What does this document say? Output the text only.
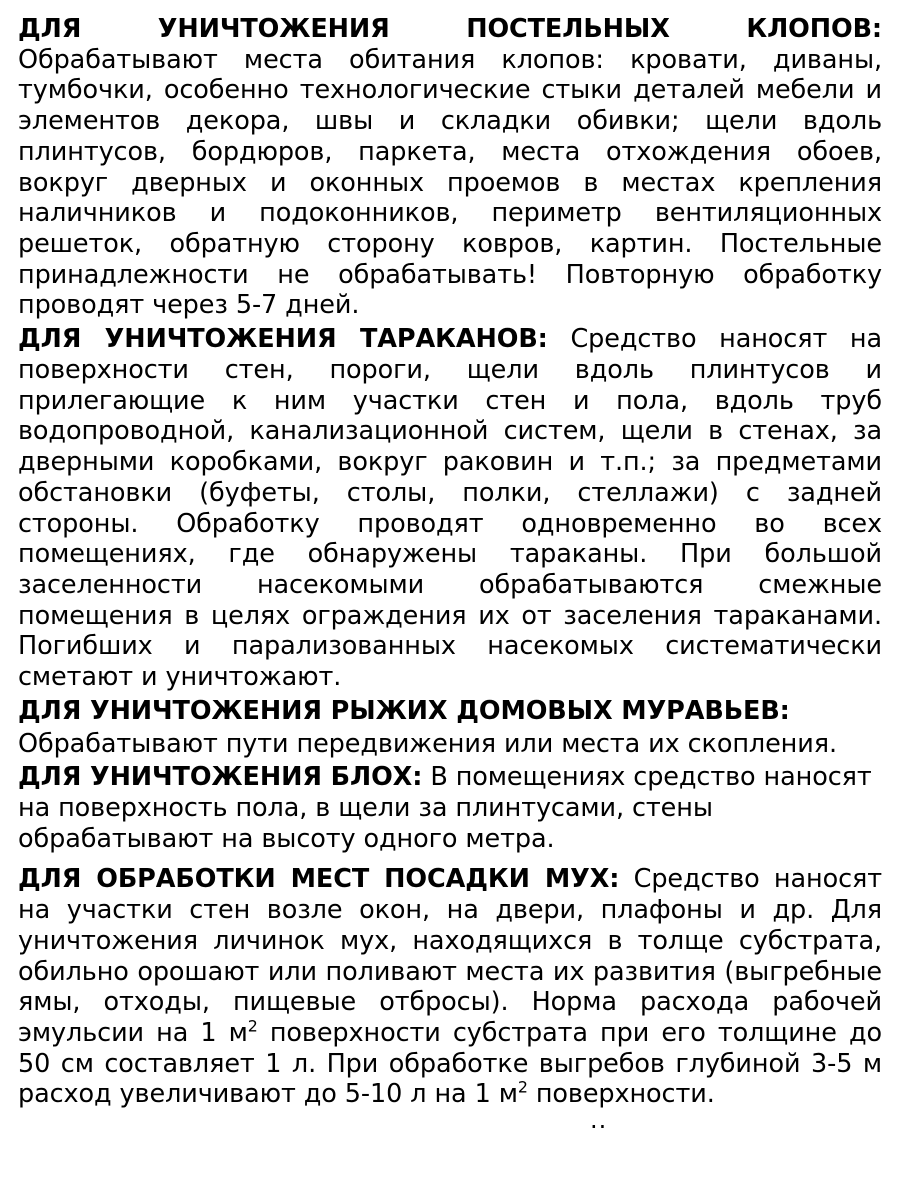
ДЛЯ УНИЧТОЖЕНИЯ ПОСТЕЛЬНЫХ КЛОПОВ: Обрабатывают места обитания клопов: кровати, диваны, тумбочки, особенно технологические стыки деталей мебели и элементов декора, швы и складки обивки; щели вдоль плинтусов, бордюров, паркета, места отхождения обоев, вокруг дверных и оконных проемов в местах крепления наличников и подоконников, периметр вентиляционных решеток, обратную сторону ковров, картин. Постельные принадлежности не обрабатывать! Повторную обработку проводят через 5-7 дней.

ДЛЯ УНИЧТОЖЕНИЯ ТАРАКАНОВ: Средство наносят на поверхности стен, пороги, щели вдоль плинтусов и прилегающие к ним участки стен и пола, вдоль труб водопроводной, канализационной систем, щели в стенах, за дверными коробками, вокруг раковин и т.п.; за предметами обстановки (буфеты, столы, полки, стеллажи) с задней стороны. Обработку проводят одновременно во всех помещениях, где обнаружены тараканы. При большой заселенности насекомыми обрабатываются смежные помещения в целях ограждения их от заселения тараканами. Погибших и парализованных насекомых систематически сметают и уничтожают.

ДЛЯ УНИЧТОЖЕНИЯ РЫЖИХ ДОМОВЫХ МУРАВЬЕВ:

Обрабатывают пути передвижения или места их скопления.

ДЛЯ УНИЧТОЖЕНИЯ БЛОХ: В помещениях средство наносят на поверхность пола, в щели за плинтусами, стены обрабатывают на высоту одного метра.

ДЛЯ ОБРАБОТКИ МЕСТ ПОСАДКИ МУХ: Средство наносят на участки стен возле окон, на двери, плафоны и др. Для уничтожения личинок мух, находящихся в толще субстрата, обильно орошают или поливают места их развития (выгребные ямы, отходы, пищевые отбросы). Норма расхода рабочей эмульсии на 1 $м^2$ поверхности субстрата при его толщине до 50 см составляет 1 л. При обработке выгребов глубиной 3-5 м расход увеличивают до 5-10 л на 1 $м^2$ поверхности.

..
